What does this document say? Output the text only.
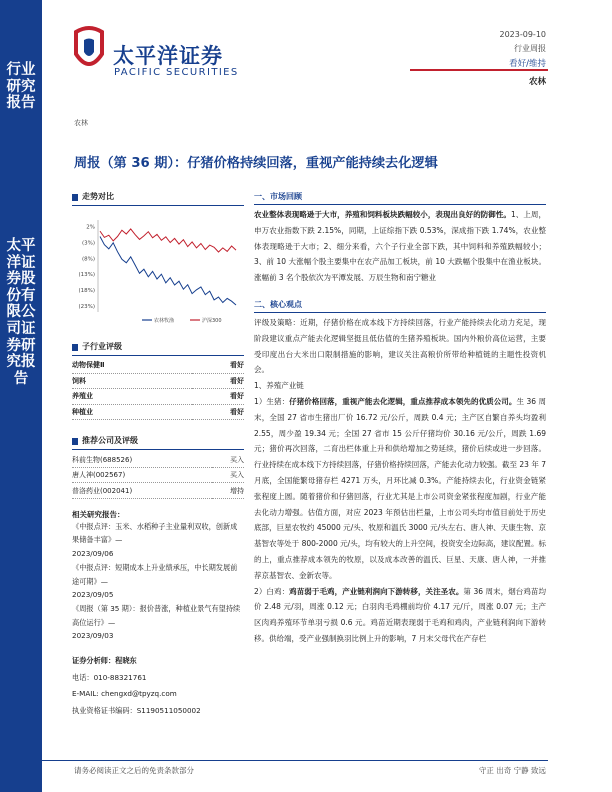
行业研究报告
太平洋证券股份有限公司证券研究报告
太平洋证券
PACIFIC SECURITIES
2023-09-10
行业周报
看好/维持
农林
农林
周报（第 36 期）：仔猪价格持续回落，重视产能持续去化逻辑
走势对比
2%
(3%)
(8%)
(13%)
(18%)
(23%)
农林牧渔	沪深300
子行业评级
动物保健Ⅱ	看好
饲料	看好
养殖业	看好
种植业	看好
推荐公司及评级
科前生物(688526)	买入
唐人神(002567)	买入
普洛药业(002041)	增持
相关研究报告：
《中报点评：玉米、水稻种子主业量利双收，创新成果储备丰富》—
2023/09/06
《中报点评：短期成本上升业绩承压，中长期发展前途可期》—
2023/09/05
《周报（第 35 期）：报价普涨，种植业景气有望持续高位运行》—
2023/09/03
证券分析师：程晓东
电话：010-88321761
E-MAIL: chengxd@tpyzq.com
执业资格证书编码：S1190511050002
一、市场回顾
农业整体表现略逊于大市，养殖和饲料板块跌幅较小，表现出良好的防御性。1、上周，申万农业指数下跌 2.15%，同期，上证综指下跌 0.53%，深成指下跌 1.74%，农业整体表现略逊于大市；2、细分来看，六个子行业全部下跌，其中饲料和养殖跌幅较小；3、前 10 大涨幅个股主要集中在农产品加工板块，前 10 大跌幅个股集中在渔业板块。涨幅前 3 名个股依次为平潭发展、万辰生物和南宁糖业
二、核心观点
评级及策略：近期，仔猪价格在成本线下方持续回落，行业产能持续去化动力充足，现阶段建议重点产能去化逻辑坚挺且低估值的生猪养殖板块。国内外粮价高位运营，主要受印度出台大米出口限制措施的影响，建议关注高粮价所带给种植链的主题性投资机会。
1、养殖产业链
1）生猪：仔猪价格回落，重视产能去化逻辑，重点推荐成本领先的优质公司。生 36 周末，全国 27 省市生猪出厂价 16.72 元/公斤，周跌 0.4 元；主产区自繁自养头均盈利 2.55，周少盈 19.34 元；全国 27 省市 15 公斤仔猪均价 30.16 元/公斤，周跌 1.69 元；猪价再次回落，二育出栏体重上升和供给增加之势延续，猪价后续或进一步回落。行业持续在成本线下方持续回落，仔猪价格持续回落，产能去化动力较强。截至 23 年 7 月底，全国能繁母猪存栏 4271 万头，月环比减 0.3%。产能持续去化，行业资金链紧张程度上圆。随着猪价和仔猪回落，行业尤其是上市公司资金紧张程度加剧，行业产能去化动力增强。估值方面，对应 2023 年预估出栏量，上市公司头均市值目前处于历史底部，巨星农牧约 45000 元/头、牧原和温氏 3000 元/头左右、唐人神、天康生物、京基智农等处于 800-2000 元/头，均有较大的上升空间，投资安全边际高，建议配置。标的上，重点推荐成本领先的牧原，以及成本改善的温氏、巨星、天康、唐人神，一并推荐京基智农、金新农等。
2）白鸡：鸡苗弱于毛鸡，产业链利润向下游转移，关注圣农。第 36 周末，烟台鸡苗均价 2.48 元/羽，周涨 0.12 元；白羽肉毛鸡棚前均价 4.17 元/斤，周涨 0.07 元；主产区肉鸡养殖环节单羽亏损 0.6 元。鸡苗近期表现弱于毛鸡和鸡肉，产业链利润向下游转移。供给端，受产业强制换羽比例上升的影响，7 月末父母代在产存栏
请务必阅读正文之后的免责条款部分	守正 出奇 宁静 致远
